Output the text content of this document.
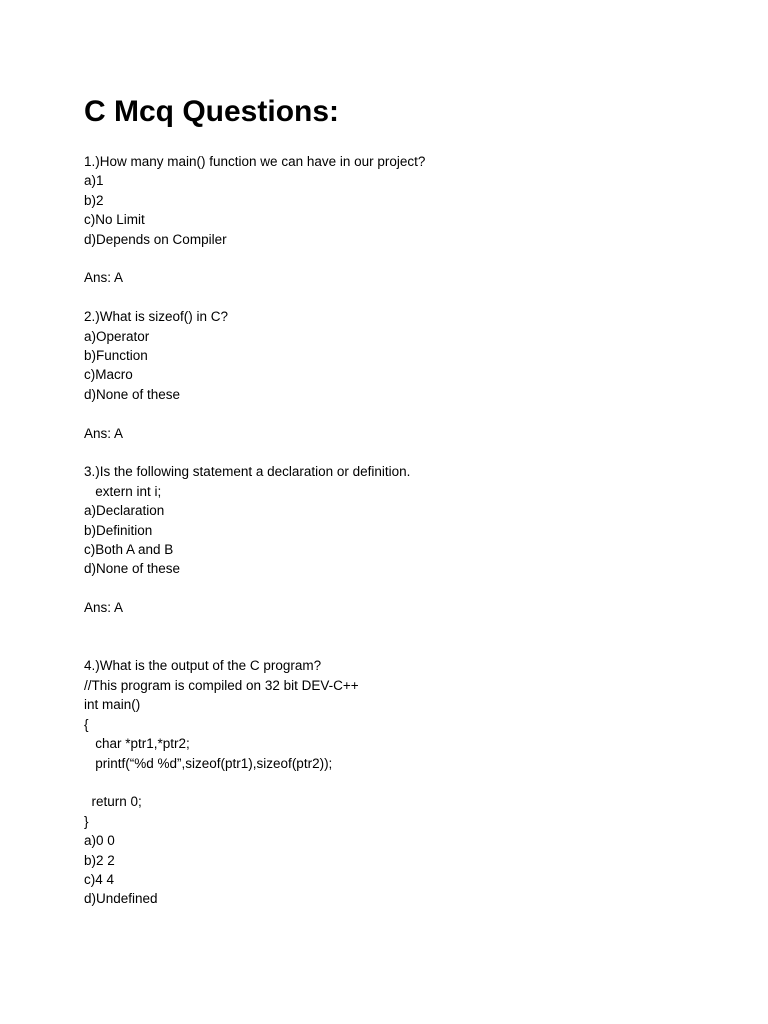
C Mcq Questions:
1.)How many main() function we can have in our project?
a)1
b)2
c)No Limit
d)Depends on Compiler
Ans: A
2.)What is sizeof() in C?
a)Operator
b)Function
c)Macro
d)None of these
Ans: A
3.)Is the following statement a declaration or definition.
extern int i;
a)Declaration
b)Definition
c)Both A and B
d)None of these
Ans: A
4.)What is the output of the C program?
//This program is compiled on 32 bit DEV-C++
int main()
{
char *ptr1,*ptr2;
printf(“%d %d”,sizeof(ptr1),sizeof(ptr2));
return 0;
}
a)0 0
b)2 2
c)4 4
d)Undefined
